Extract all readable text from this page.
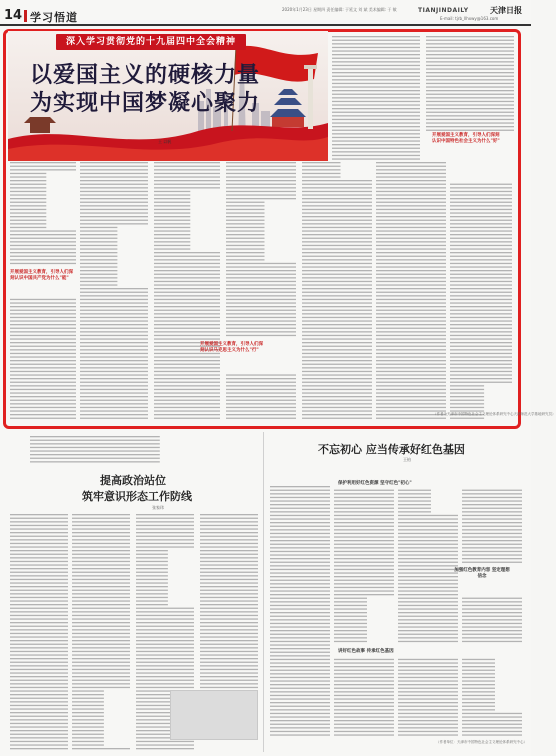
14 学习悟道
2020年1月23日 星期四 责任编辑: 于延文 刘 斌 美术编辑: 于 敏	TIANJINDAILY	天津日报
E-mail: tjrb_llhxwy@163.com
深入学习贯彻党的十九届四中全会精神
以爱国主义的硬核力量
为实现中国梦凝心聚力
王 以帆
开展爱国主义教育，引导人们深刻认识中国共产党为什么"能"
开展爱国主义教育，引导人们深刻认识中国特色社会主义为什么"好"
开展爱国主义教育，引导人们深刻认识马克思主义为什么"行"
（作者为天津市中国特色社会主义理论体系研究中心天津师范大学基地研究员）
提高政治站位
筑牢意识形态工作防线
张家玮
不忘初心 应当传承好红色基因
王铂
保护利用好红色资源 坚守红色"初心"
讲好红色故事 传承红色基因
加强红色教育内容 坚定理想信念
（作者单位：天津市中国特色社会主义理论体系研究中心）
